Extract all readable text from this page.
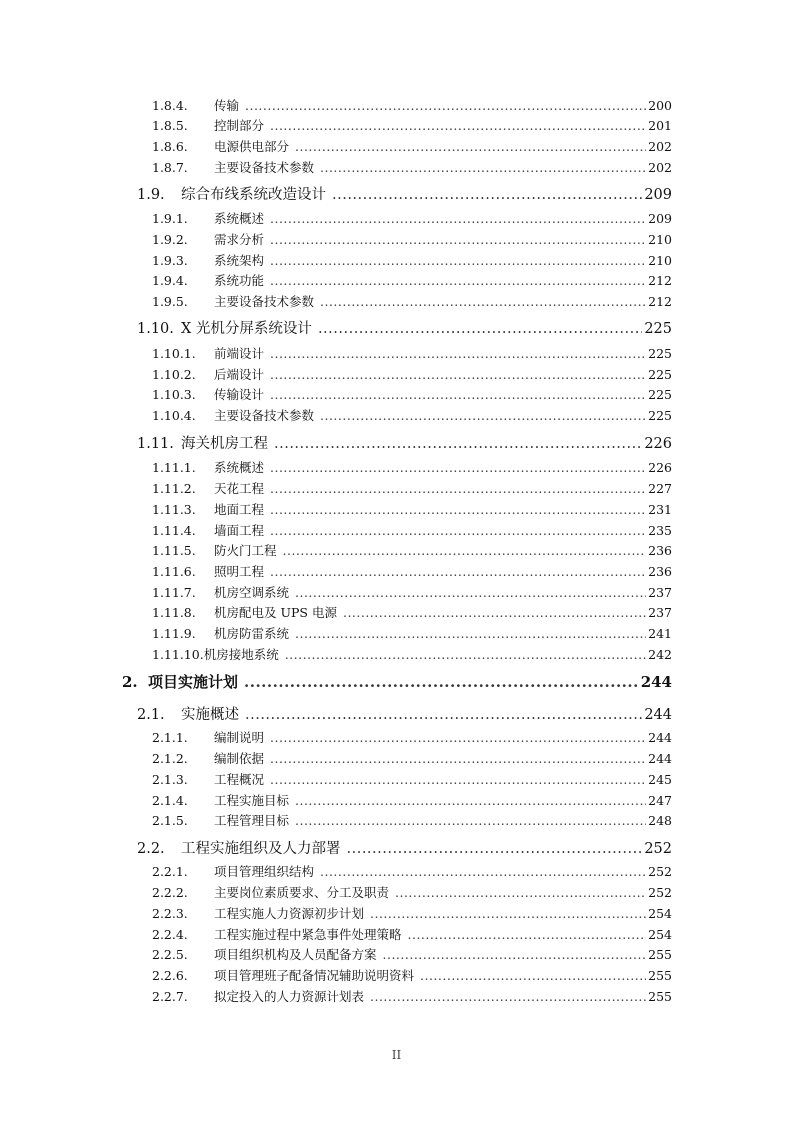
1.8.4.	传输 .....	200
1.8.5.	控制部分 .....	201
1.8.6.	电源供电部分 .....	202
1.8.7.	主要设备技术参数 .....	202
1.9.	综合布线系统改造设计 .....	209
1.9.1.	系统概述 .....	209
1.9.2.	需求分析 .....	210
1.9.3.	系统架构 .....	210
1.9.4.	系统功能 .....	212
1.9.5.	主要设备技术参数 .....	212
1.10. X 光机分屏系统设计 .....	225
1.10.1.	前端设计 .....	225
1.10.2.	后端设计 .....	225
1.10.3.	传输设计 .....	225
1.10.4.	主要设备技术参数 .....	225
1.11. 海关机房工程 .....	226
1.11.1.	系统概述 .....	226
1.11.2.	天花工程 .....	227
1.11.3.	地面工程 .....	231
1.11.4.	墙面工程 .....	235
1.11.5.	防火门工程 .....	236
1.11.6.	照明工程 .....	236
1.11.7.	机房空调系统 .....	237
1.11.8.	机房配电及 UPS 电源 .....	237
1.11.9.	机房防雷系统 .....	241
1.11.10. 机房接地系统 .....	242
2. 项目实施计划 .....	244
2.1.	实施概述 .....	244
2.1.1.	编制说明 .....	244
2.1.2.	编制依据 .....	244
2.1.3.	工程概况 .....	245
2.1.4.	工程实施目标 .....	247
2.1.5.	工程管理目标 .....	248
2.2.	工程实施组织及人力部署 .....	252
2.2.1.	项目管理组织结构 .....	252
2.2.2.	主要岗位素质要求、分工及职责 .....	252
2.2.3.	工程实施人力资源初步计划 .....	254
2.2.4.	工程实施过程中紧急事件处理策略 .....	254
2.2.5.	项目组织机构及人员配备方案 .....	255
2.2.6.	项目管理班子配备情况辅助说明资料 .....	255
2.2.7.	拟定投入的人力资源计划表 .....	255
II
